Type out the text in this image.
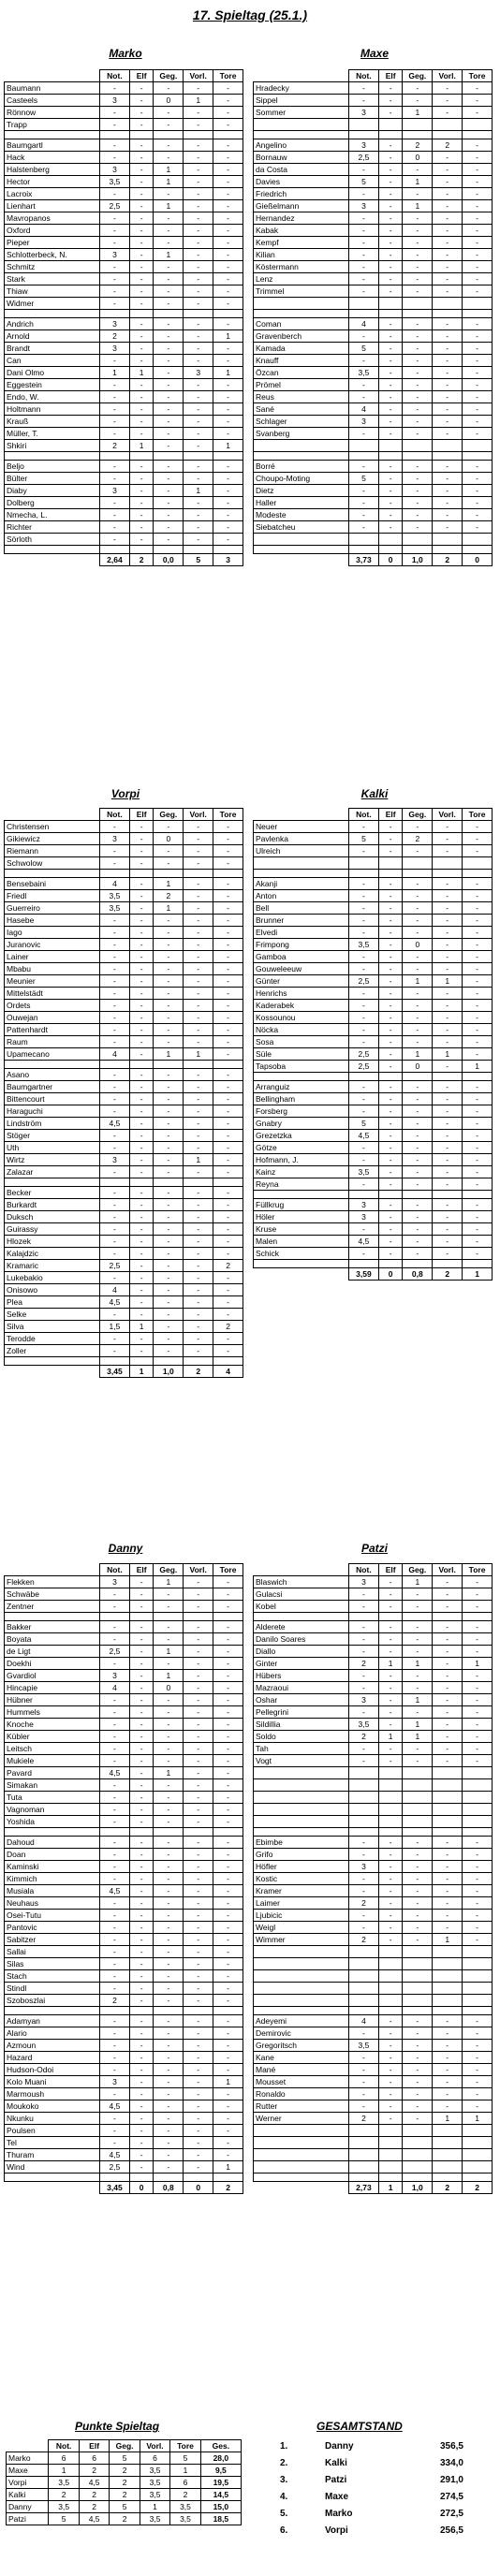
17. Spieltag (25.1.)
Marko
	Not.	Elf	Geg.	Vorl.	Tore
Baumann	-	-	-	-	-
Casteels	3	-	0	1	-
Rönnow	-	-	-	-	-
Trapp	-	-	-	-	-

Baumgartl	-	-	-	-	-
Hack	-	-	-	-	-
Halstenberg	3	-	1	-	-
Hector	3,5	-	1	-	-
Lacroix	-	-	-	-	-
Lienhart	2,5	-	1	-	-
Mavropanos	-	-	-	-	-
Oxford	-	-	-	-	-
Pieper	-	-	-	-	-
Schlotterbeck, N.	3	-	1	-	-
Schmitz	-	-	-	-	-
Stark	-	-	-	-	-
Thiaw	-	-	-	-	-
Widmer	-	-	-	-	-

Andrich	3	-	-	-	-
Arnold	2	-	-	-	1
Brandt	3	-	-	-	-
Can	-	-	-	-	-
Dani Olmo	1	1	-	3	1
Eggestein	-	-	-	-	-
Endo, W.	-	-	-	-	-
Holtmann	-	-	-	-	-
Krauß	-	-	-	-	-
Müller, T.	-	-	-	-	-
Shkiri	2	1	-	-	1

Beljo	-	-	-	-	-
Bülter	-	-	-	-	-
Diaby	3	-	-	1	-
Dolberg	-	-	-	-	-
Nmecha, L.	-	-	-	-	-
Richter	-	-	-	-	-
Sörloth	-	-	-	-	-

	2,64	2	0,0	5	3
Maxe
	Not.	Elf	Geg.	Vorl.	Tore
Hradecky	-	-	-	-	-
Sippel	-	-	-	-	-
Sommer	3	-	1	-	-

Angelino	3	-	2	2	-
Bornauw	2,5	-	0	-	-
da Costa	-	-	-	-	-
Davies	5	-	1	-	-
Friedrich	-	-	-	-	-
Gießelmann	3	-	1	-	-
Hernandez	-	-	-	-	-
Kabak	-	-	-	-	-
Kempf	-	-	-	-	-
Kilian	-	-	-	-	-
Köstermann	-	-	-	-	-
Lenz	-	-	-	-	-
Trimmel	-	-	-	-	-

Coman	4	-	-	-	-
Gravenberch	-	-	-	-	-
Kamada	5	-	-	-	-
Knauff	-	-	-	-	-
Özcan	3,5	-	-	-	-
Prömel	-	-	-	-	-
Reus	-	-	-	-	-
Sané	4	-	-	-	-
Schlager	3	-	-	-	-
Svanberg	-	-	-	-	-

Borré	-	-	-	-	-
Choupo-Moting	5	-	-	-	-
Dietz	-	-	-	-	-
Haller	-	-	-	-	-
Modeste	-	-	-	-	-
Siebatcheu	-	-	-	-	-

	3,73	0	1,0	2	0
Vorpi
	Not.	Elf	Geg.	Vorl.	Tore
Christensen	-	-	-	-	-
Gikiewicz	3	-	0	-	-
Riemann	-	-	-	-	-
Schwolow	-	-	-	-	-

Bensebaini	4	-	1	-	-
Friedl	3,5	-	2	-	-
Guerreiro	3,5	-	1	-	-
Hasebe	-	-	-	-	-
Iago	-	-	-	-	-
Juranovic	-	-	-	-	-
Lainer	-	-	-	-	-
Mbabu	-	-	-	-	-
Meunier	-	-	-	-	-
Mittelstädt	-	-	-	-	-
Ordets	-	-	-	-	-
Ouwejan	-	-	-	-	-
Pattenhardt	-	-	-	-	-
Raum	-	-	-	-	-
Upamecano	4	-	1	1	-

Asano	-	-	-	-	-
Baumgartner	-	-	-	-	-
Bittencourt	-	-	-	-	-
Haraguchi	-	-	-	-	-
Lindström	4,5	-	-	-	-
Stöger	-	-	-	-	-
Uth	-	-	-	-	-
Wirtz	3	-	-	1	-
Zalazar	-	-	-	-	-

Becker	-	-	-	-	-
Burkardt	-	-	-	-	-
Duksch	-	-	-	-	-
Guirassy	-	-	-	-	-
Hlozek	-	-	-	-	-
Kalajdzic	-	-	-	-	-
Kramaric	2,5	-	-	-	2
Lukebakio	-	-	-	-	-
Onisowo	4	-	-	-	-
Plea	4,5	-	-	-	-
Selke	-	-	-	-	-
Silva	1,5	1	-	-	2
Terodde	-	-	-	-	-
Zoller	-	-	-	-	-

	3,45	1	1,0	2	4
Kalki
	Not.	Elf	Geg.	Vorl.	Tore
Neuer	-	-	-	-	-
Pavlenka	5	-	2	-	-
Ulreich	-	-	-	-	-

Akanji	-	-	-	-	-
Anton	-	-	-	-	-
Bell	-	-	-	-	-
Brunner	-	-	-	-	-
Elvedi	-	-	-	-	-
Frimpong	3,5	-	0	-	-
Gamboa	-	-	-	-	-
Gouweleeuw	-	-	-	-	-
Günter	2,5	-	1	1	-
Henrichs	-	-	-	-	-
Kaderabek	-	-	-	-	-
Kossounou	-	-	-	-	-
Nöcka	-	-	-	-	-
Sosa	-	-	-	-	-
Süle	2,5	-	1	1	-
Tapsoba	2,5	-	0	-	1

Arranguiz	-	-	-	-	-
Bellingham	-	-	-	-	-
Forsberg	-	-	-	-	-
Gnabry	5	-	-	-	-
Grezetzka	4,5	-	-	-	-
Götze	-	-	-	-	-
Hofmann, J.	-	-	-	-	-
Kainz	3,5	-	-	-	-
Reyna	-	-	-	-	-

Füllkrug	3	-	-	-	-
Höler	3	-	-	-	-
Kruse	-	-	-	-	-
Malen	4,5	-	-	-	-
Schick	-	-	-	-	-

	3,59	0	0,8	2	1
Danny
	Not.	Elf	Geg.	Vorl.	Tore
Flekken	3	-	1	-	-
Schwäbe	-	-	-	-	-
Zentner	-	-	-	-	-

Bakker	-	-	-	-	-
Boyata	-	-	-	-	-
de Ligt	2,5	-	1	-	-
Doekhi	-	-	-	-	-
Gvardiol	3	-	1	-	-
Hincapie	4	-	0	-	-
Hübner	-	-	-	-	-
Hummels	-	-	-	-	-
Knoche	-	-	-	-	-
Kübler	-	-	-	-	-
Leitsch	-	-	-	-	-
Mukiele	-	-	-	-	-
Pavard	4,5	-	1	-	-
Simakan	-	-	-	-	-
Tuta	-	-	-	-	-
Vagnoman	-	-	-	-	-
Yoshida	-	-	-	-	-

Dahoud	-	-	-	-	-
Doan	-	-	-	-	-
Kaminski	-	-	-	-	-
Kimmich	-	-	-	-	-
Musiala	4,5	-	-	-	-
Neuhaus	-	-	-	-	-
Osei-Tutu	-	-	-	-	-
Pantovic	-	-	-	-	-
Sabitzer	-	-	-	-	-
Sallai	-	-	-	-	-
Silas	-	-	-	-	-
Stach	-	-	-	-	-
Stindl	-	-	-	-	-
Szoboszlai	2	-	-	-	-

Adamyan	-	-	-	-	-
Alario	-	-	-	-	-
Azmoun	-	-	-	-	-
Hazard	-	-	-	-	-
Hudson-Odoi	-	-	-	-	-
Kolo Muani	3	-	-	-	1
Marmoush	-	-	-	-	-
Moukoko	4,5	-	-	-	-
Nkunku	-	-	-	-	-
Poulsen	-	-	-	-	-
Tel	-	-	-	-	-
Thuram	4,5	-	-	-	-
Wind	2,5	-	-	-	1

	3,45	0	0,8	0	2
Patzi
	Not.	Elf	Geg.	Vorl.	Tore
Blaswich	3	-	1	-	-
Gulacsi	-	-	-	-	-
Kobel	-	-	-	-	-

Alderete	-	-	-	-	-
Danilo Soares	-	-	-	-	-
Diallo	-	-	-	-	-
Ginter	2	1	1	-	1
Hübers	-	-	-	-	-
Mazraoui	-	-	-	-	-
Oshar	3	-	1	-	-
Pellegrini	-	-	-	-	-
Sildillia	3,5	-	1	-	-
Soldo	2	1	1	-	-
Tah	-	-	-	-	-
Vogt	-	-	-	-	-

Ebimbe	-	-	-	-	-
Grifo	-	-	-	-	-
Höfler	3	-	-	-	-
Kostic	-	-	-	-	-
Kramer	-	-	-	-	-
Laimer	2	-	-	-	-
Ljubicic	-	-	-	-	-
Weigl	-	-	-	-	-
Wimmer	2	-	-	1	-

Adeyemi	4	-	-	-	-
Demirovic	-	-	-	-	-
Gregoritsch	3,5	-	-	-	-
Kane	-	-	-	-	-
Mané	-	-	-	-	-
Mousset	-	-	-	-	-
Ronaldo	-	-	-	-	-
Rutter	-	-	-	-	-
Werner	2	-	-	1	1

	2,73	1	1,0	2	2
Punkte Spieltag
	Not.	Elf	Geg.	Vorl.	Tore	Ges.
Marko	6	6	5	6	5	28,0
Maxe	1	2	2	3,5	1	9,5
Vorpi	3,5	4,5	2	3,5	6	19,5
Kalki	2	2	2	3,5	2	14,5
Danny	3,5	2	5	1	3,5	15,0
Patzi	5	4,5	2	3,5	3,5	18,5
GESAMTSTAND
1.	Danny	356,5
2.	Kalki	334,0
3.	Patzi	291,0
4.	Maxe	274,5
5.	Marko	272,5
6.	Vorpi	256,5
